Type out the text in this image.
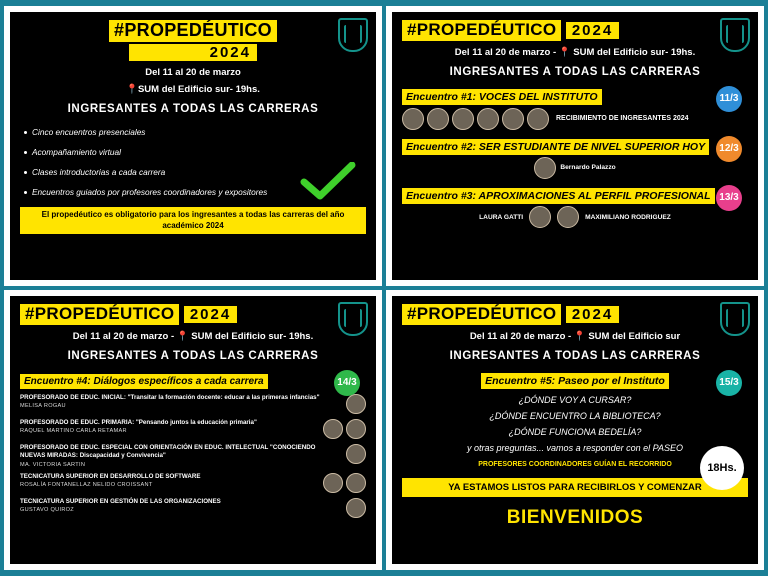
#PROPEDÉUTICO
2024
Del 11 al 20 de marzo
📍SUM del Edificio sur- 19hs.
INGRESANTES A TODAS LAS CARRERAS
Cinco encuentros presenciales
Acompañamiento virtual
Clases introductorias a cada carrera
Encuentros guiados por profesores coordinadores y expositores
El propedéutico es obligatorio para los ingresantes a todas las carreras del año académico 2024
#PROPEDÉUTICO 2024
Del 11 al 20 de marzo - 📍 SUM del Edificio sur- 19hs.
INGRESANTES A TODAS LAS CARRERAS
Encuentro #1: VOCES DEL INSTITUTO	11/3
RECIBIMIENTO DE INGRESANTES 2024
Encuentro #2: SER ESTUDIANTE DE NIVEL SUPERIOR HOY	12/3
Bernardo Palazzo
Encuentro #3: APROXIMACIONES AL PERFIL PROFESIONAL 13/3
LAURA GATTI	MAXIMILIANO RODRIGUEZ
#PROPEDÉUTICO 2024
Del 11 al 20 de marzo - 📍 SUM del Edificio sur- 19hs.
INGRESANTES A TODAS LAS CARRERAS
Encuentro #4: Diálogos específicos a cada carrera	14/3
PROFESORADO DE EDUC. INICIAL: "Transitar la formación docente: educar a las primeras infancias"
MELISA ROGAU
PROFESORADO DE EDUC. PRIMARIA: "Pensando juntos la educación primaria"
RAQUEL MARTINO CARLA RETAMAR
PROFESORADO DE EDUC. ESPECIAL CON ORIENTACIÓN EN EDUC. INTELECTUAL "CONOCIENDO NUEVAS MIRADAS: Discapacidad y Convivencia"
MA. VICTORIA SARTIN
TECNICATURA SUPERIOR EN DESARROLLO DE SOFTWARE
ROSALÍA FONTANELLAZ NELIDO CROISSANT
TECNICATURA SUPERIOR EN GESTIÓN DE LAS ORGANIZACIONES
GUSTAVO QUIROZ
#PROPEDÉUTICO 2024
Del 11 al 20 de marzo - 📍 SUM del Edificio sur
INGRESANTES A TODAS LAS CARRERAS
Encuentro #5: Paseo por el Instituto	15/3
18Hs.
¿DÓNDE VOY A CURSAR?
¿DÓNDE ENCUENTRO LA BIBLIOTECA?
¿DÓNDE FUNCIONA BEDELÍA?
y otras preguntas... vamos a responder con el PASEO
PROFESORES COORDINADORES GUÍAN EL RECORRIDO
YA ESTAMOS LISTOS PARA RECIBIRLOS Y COMENZAR
BIENVENIDOS
